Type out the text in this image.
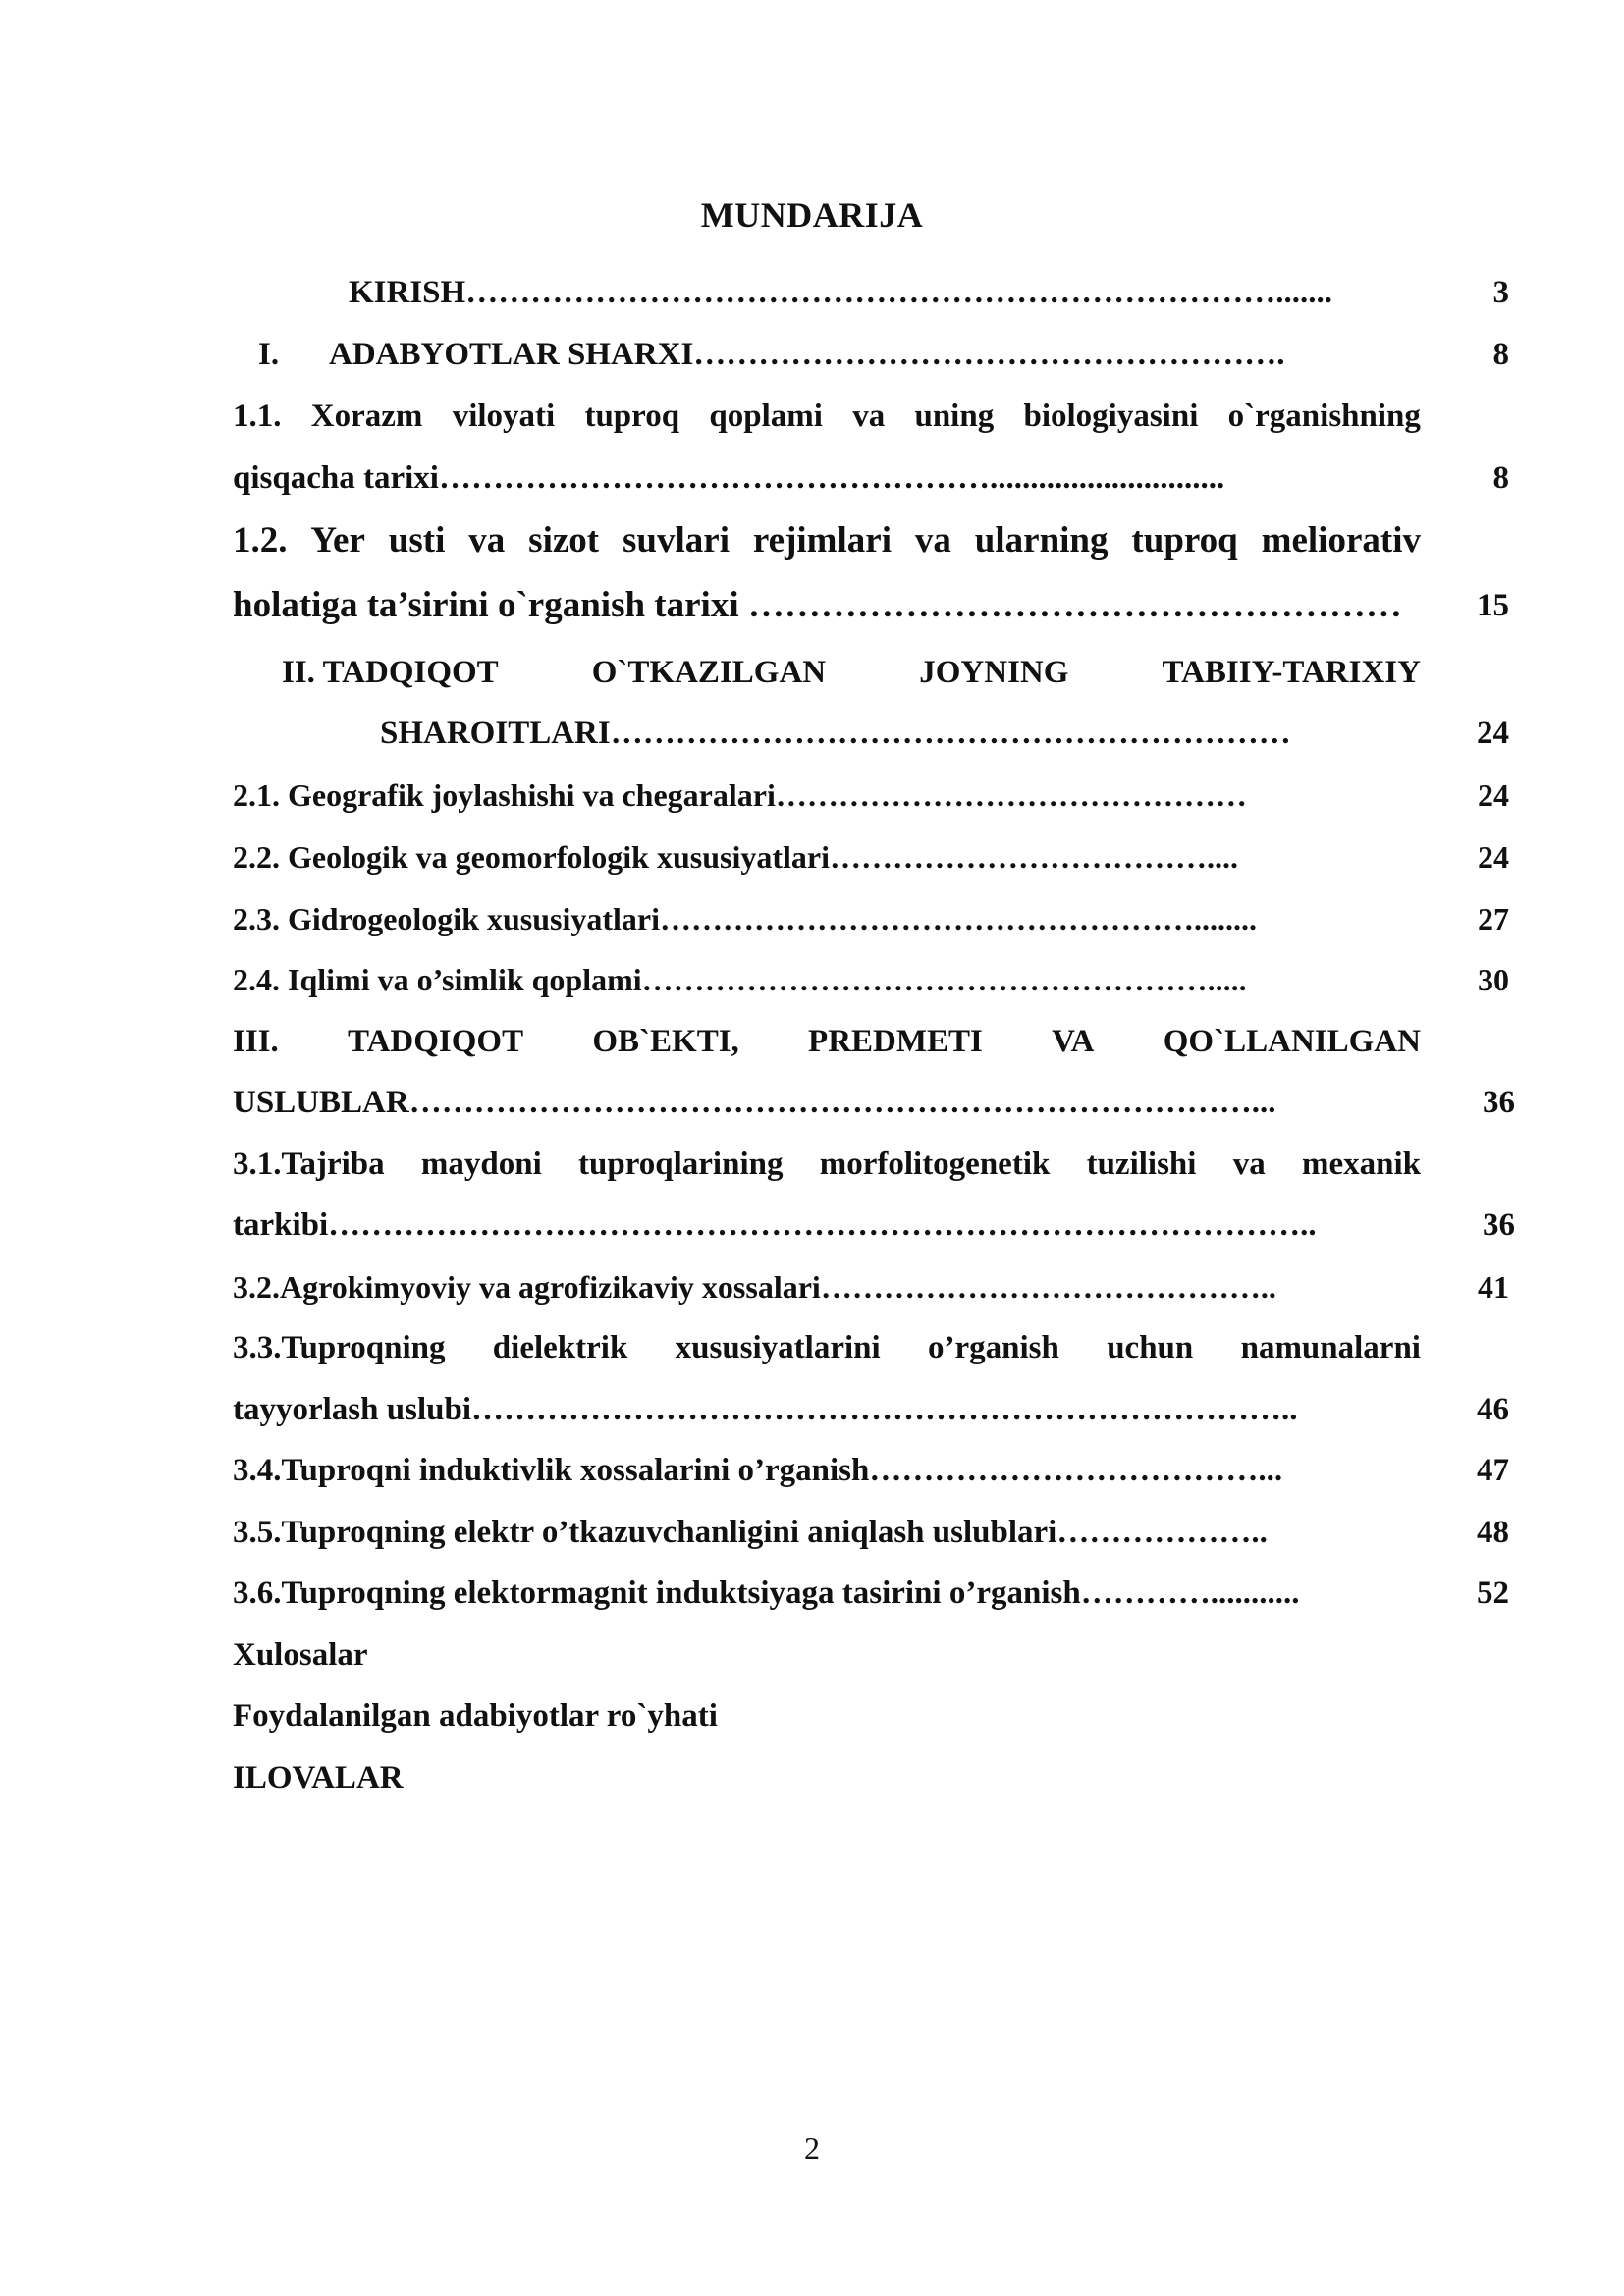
MUNDARIJA
KIRISH………………………………………………………………….......	3
I.	ADABYOTLAR SHARXI……………………………………………….	8
1.1. Xorazm viloyati tuproq qoplami va uning biologiyasini o`rganishning
qisqacha tarixi…………………………………………….............................	8
1.2. Yer usti va sizot suvlari rejimlari va ularning tuproq meliorativ
holatiga ta’sirini o`rganish tarixi ………………………………………………	15
II. TADQIQOT	O`TKAZILGAN	JOYNING	TABIIY-TARIXIY
SHAROITLARI………………………………………………………	24
2.1. Geografik joylashishi va chegaralari………………………………………	24
2.2. Geologik va geomorfologik xususiyatlari………………………………....	24
2.3. Gidrogeologik xususiyatlari……………………………………………........	27
2.4. Iqlimi va o’simlik qoplami……………………………………………….....	30
III. TADQIQOT OB`EKTI, PREDMETI VA QO`LLANILGAN
USLUBLAR……………………………………………………………………...	36
3.1.Tajriba maydoni tuproqlarining morfolitogenetik tuzilishi va mexanik
tarkibi………………………………………………………………………………..	36
3.2.Agrokimyoviy va agrofizikaviy xossalari……………………………………..	41
3.3.Tuproqning dielektrik xususiyatlarini o’rganish uchun namunalarni
tayyorlash uslubi…………………………………………………………………..	46
3.4.Tuproqni induktivlik xossalarini o’rganish………………………………...	47
3.5.Tuproqning elektr o’tkazuvchanligini aniqlash uslublari………………..	48
3.6.Tuproqning elektormagnit induktsiyaga tasirini o’rganish…………...........	52
Xulosalar
Foydalanilgan adabiyotlar ro`yhati
ILOVALAR
2
